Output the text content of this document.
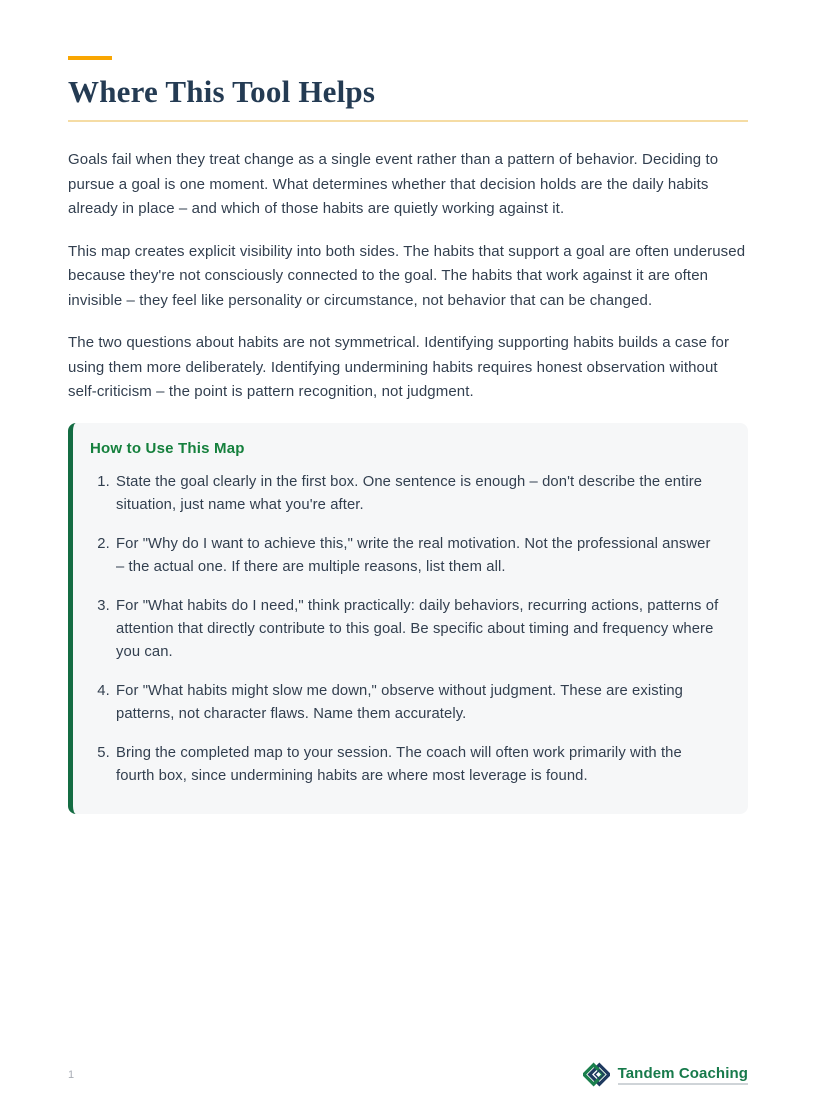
Where This Tool Helps

Goals fail when they treat change as a single event rather than a pattern of behavior. Deciding to pursue a goal is one moment. What determines whether that decision holds are the daily habits already in place – and which of those habits are quietly working against it.

This map creates explicit visibility into both sides. The habits that support a goal are often underused because they're not consciously connected to the goal. The habits that work against it are often invisible – they feel like personality or circumstance, not behavior that can be changed.

The two questions about habits are not symmetrical. Identifying supporting habits builds a case for using them more deliberately. Identifying undermining habits requires honest observation without self-criticism – the point is pattern recognition, not judgment.

How to Use This Map
1. State the goal clearly in the first box. One sentence is enough – don't describe the entire situation, just name what you're after.
2. For "Why do I want to achieve this," write the real motivation. Not the professional answer – the actual one. If there are multiple reasons, list them all.
3. For "What habits do I need," think practically: daily behaviors, recurring actions, patterns of attention that directly contribute to this goal. Be specific about timing and frequency where you can.
4. For "What habits might slow me down," observe without judgment. These are existing patterns, not character flaws. Name them accurately.
5. Bring the completed map to your session. The coach will often work primarily with the fourth box, since undermining habits are where most leverage is found.
1	Tandem Coaching
